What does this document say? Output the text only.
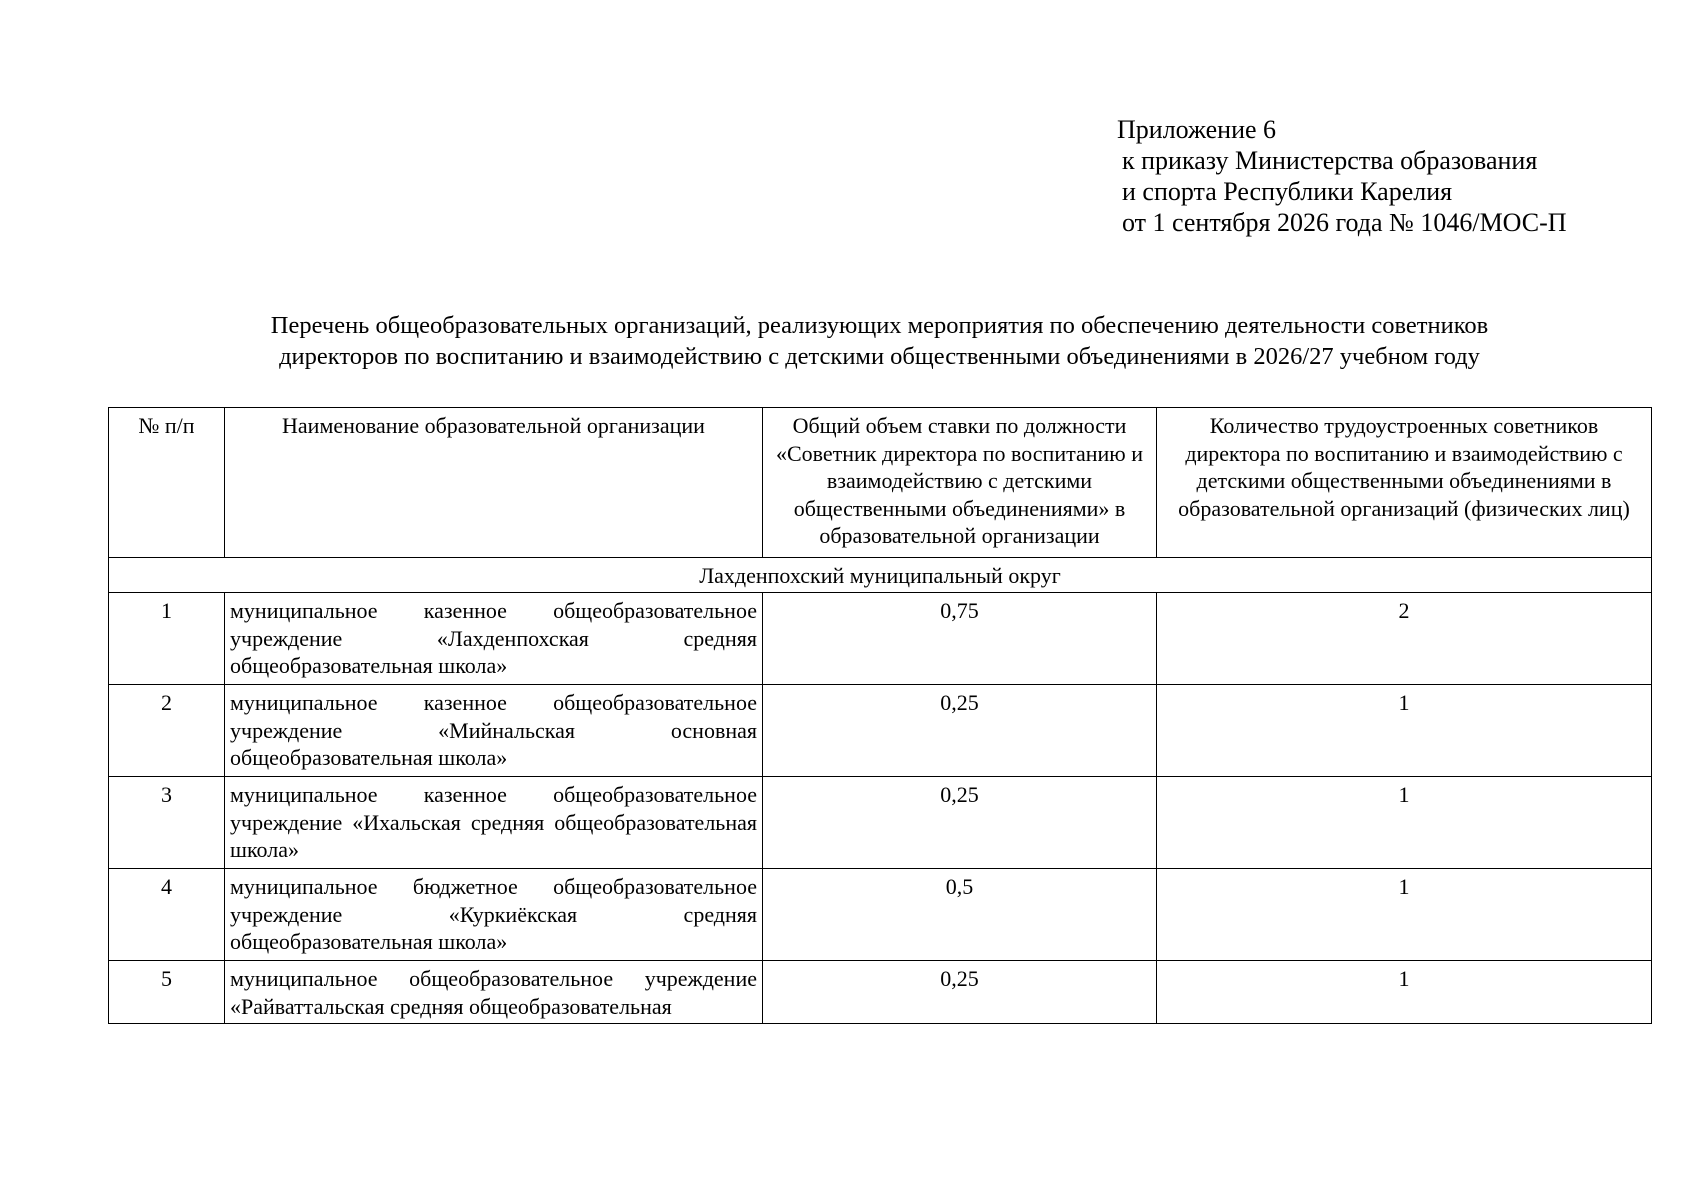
Приложение 6
к приказу Министерства образования
и спорта Республики Карелия
от 1 сентября 2026 года № 1046/МОС-П
Перечень общеобразовательных организаций, реализующих мероприятия по обеспечению деятельности советников
директоров по воспитанию и взаимодействию с детскими общественными объединениями в 2026/27 учебном году
№ п/п	Наименование образовательной организации	Общий объем ставки по должности «Советник директора по воспитанию и взаимодействию с детскими общественными объединениями» в образовательной организации	Количество трудоустроенных советников директора по воспитанию и взаимодействию с детскими общественными объединениями в образовательной организаций (физических лиц)
Лахденпохский муниципальный округ			
1	муниципальное казенное общеобразовательное учреждение «Лахденпохская средняя общеобразовательная школа»	0,75	2
2	муниципальное казенное общеобразовательное учреждение «Мийнальская основная общеобразовательная школа»	0,25	1
3	муниципальное казенное общеобразовательное учреждение «Ихальская средняя общеобразовательная школа»	0,25	1
4	муниципальное бюджетное общеобразовательное учреждение «Куркиёкская средняя общеобразовательная школа»	0,5	1
5	муниципальное общеобразовательное учреждение «Райваттальская средняя общеобразовательная	0,25	1
